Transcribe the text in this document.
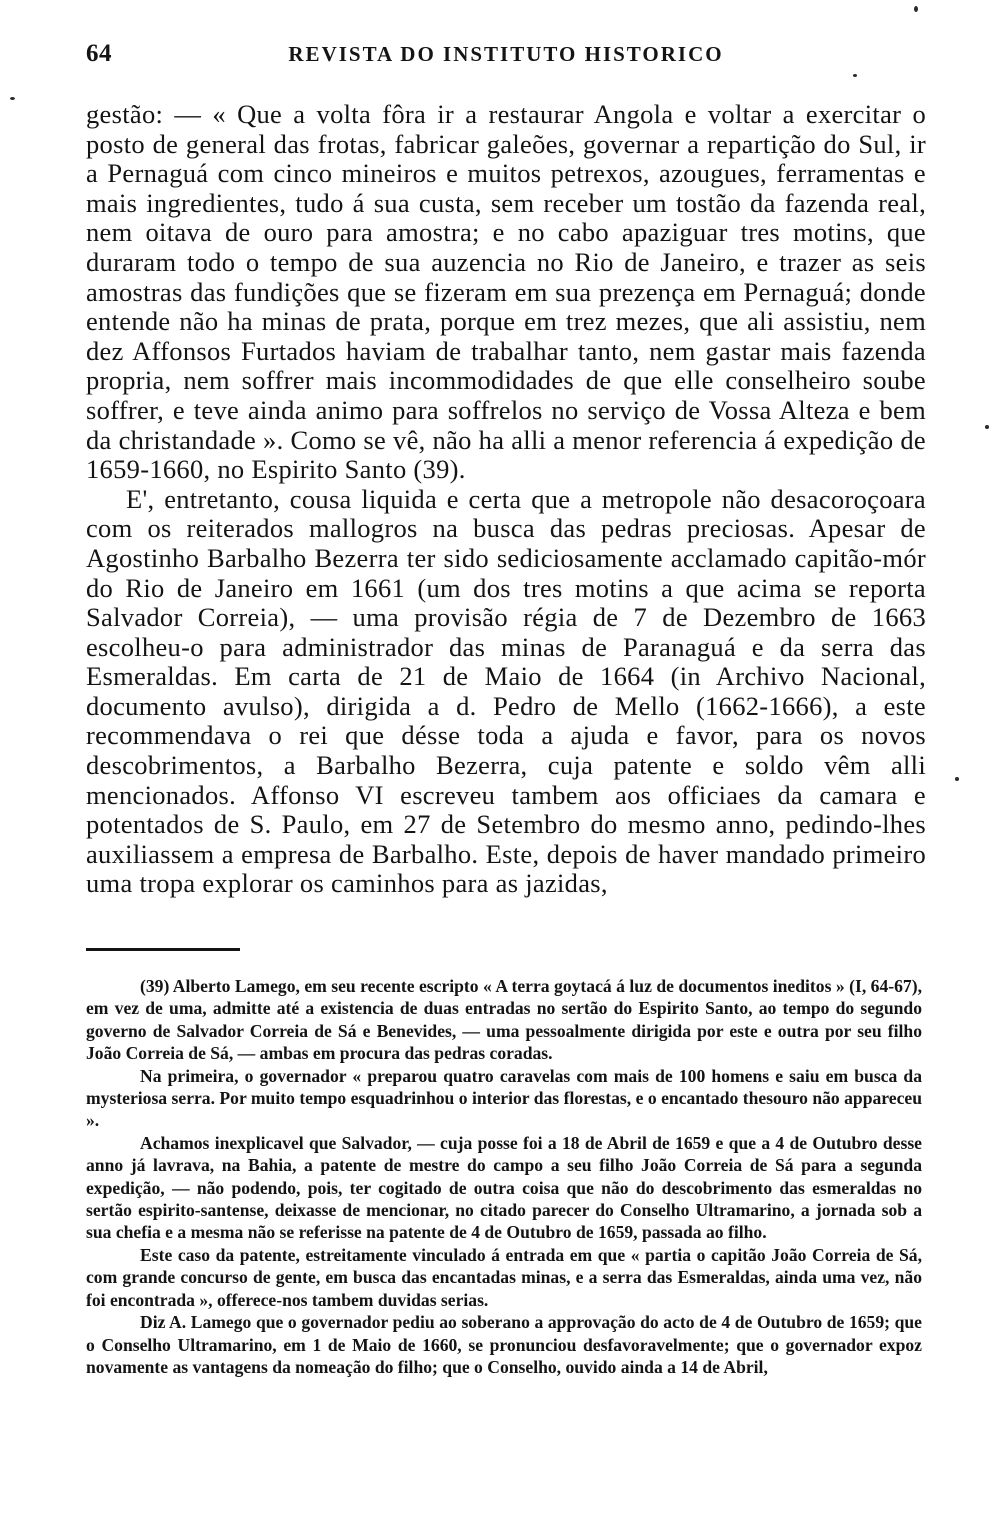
64	REVISTA DO INSTITUTO HISTORICO

gestão: — « Que a volta fôra ir a restaurar Angola e voltar a exercitar o posto de general das frotas, fabricar galeões, governar a repartição do Sul, ir a Pernaguá com cinco mineiros e muitos petrexos, azougues, ferramentas e mais ingredientes, tudo á sua custa, sem receber um tostão da fazenda real, nem oitava de ouro para amostra; e no cabo apaziguar tres motins, que duraram todo o tempo de sua auzencia no Rio de Janeiro, e trazer as seis amostras das fundições que se fizeram em sua prezença em Pernaguá; donde entende não ha minas de prata, porque em trez mezes, que ali assistiu, nem dez Affonsos Furtados haviam de trabalhar tanto, nem gastar mais fazenda propria, nem soffrer mais incommodidades de que elle conselheiro soube soffrer, e teve ainda animo para soffrelos no serviço de Vossa Alteza e bem da christandade ». Como se vê, não ha alli a menor referencia á expedição de 1659-1660, no Espirito Santo (39).

E', entretanto, cousa liquida e certa que a metropole não desacoroçoara com os reiterados mallogros na busca das pedras preciosas. Apesar de Agostinho Barbalho Bezerra ter sido sediciosamente acclamado capitão-mór do Rio de Janeiro em 1661 (um dos tres motins a que acima se reporta Salvador Correia), — uma provisão régia de 7 de Dezembro de 1663 escolheu-o para administrador das minas de Paranaguá e da serra das Esmeraldas. Em carta de 21 de Maio de 1664 (in Archivo Nacional, documento avulso), dirigida a d. Pedro de Mello (1662-1666), a este recommendava o rei que désse toda a ajuda e favor, para os novos descobrimentos, a Barbalho Bezerra, cuja patente e soldo vêm alli mencionados. Affonso VI escreveu tambem aos officiaes da camara e potentados de S. Paulo, em 27 de Setembro do mesmo anno, pedindo-lhes auxiliassem a empresa de Barbalho. Este, depois de haver mandado primeiro uma tropa explorar os caminhos para as jazidas,

(39) Alberto Lamego, em seu recente escripto « A terra goytacá á luz de documentos ineditos » (I, 64-67), em vez de uma, admitte até a existencia de duas entradas no sertão do Espirito Santo, ao tempo do segundo governo de Salvador Correia de Sá e Benevides, — uma pessoalmente dirigida por este e outra por seu filho João Correia de Sá, — ambas em procura das pedras coradas.

Na primeira, o governador « preparou quatro caravelas com mais de 100 homens e saiu em busca da mysteriosa serra. Por muito tempo esquadrinhou o interior das florestas, e o encantado thesouro não appareceu ».

Achamos inexplicavel que Salvador, — cuja posse foi a 18 de Abril de 1659 e que a 4 de Outubro desse anno já lavrava, na Bahia, a patente de mestre do campo a seu filho João Correia de Sá para a segunda expedição, — não podendo, pois, ter cogitado de outra coisa que não do descobrimento das esmeraldas no sertão espirito-santense, deixasse de mencionar, no citado parecer do Conselho Ultramarino, a jornada sob a sua chefia e a mesma não se referisse na patente de 4 de Outubro de 1659, passada ao filho.

Este caso da patente, estreitamente vinculado á entrada em que « partia o capitão João Correia de Sá, com grande concurso de gente, em busca das encantadas minas, e a serra das Esmeraldas, ainda uma vez, não foi encontrada », offerece-nos tambem duvidas serias.

Diz A. Lamego que o governador pediu ao soberano a approvação do acto de 4 de Outubro de 1659; que o Conselho Ultramarino, em 1 de Maio de 1660, se pronunciou desfavoravelmente; que o governador expoz novamente as vantagens da nomeação do filho; que o Conselho, ouvido ainda a 14 de Abril,
